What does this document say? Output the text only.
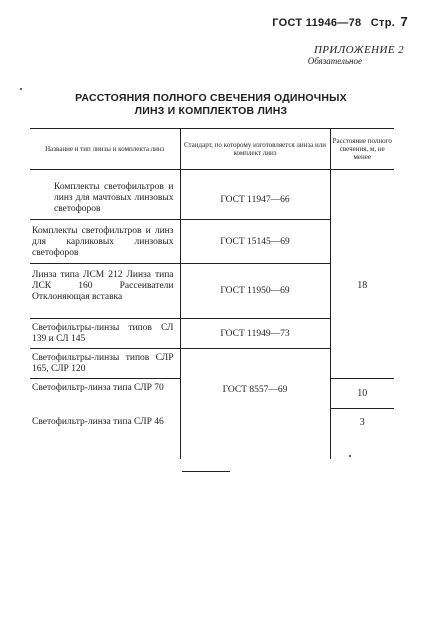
ГОСТ 11946—78 Стр. 7
ПРИЛОЖЕНИЕ 2
Обязательное
РАССТОЯНИЯ ПОЛНОГО СВЕЧЕНИЯ ОДИНОЧНЫХ
ЛИНЗ И КОМПЛЕКТОВ ЛИНЗ
Название и тип линзы и комплекта линз	Стандарт, по которому изготовляется линза или комплект линз	Расстояние полного свечения, м, не менее

Комплекты светофильтров и линз для мачтовых линзовых светофоров	ГОСТ 11947—66	18
Комплекты светофильтров и линз для карликовых линзовых светофоров	ГОСТ 15145—69	
Линза типа ЛСМ 212 Линза типа ЛСК 160 Рассеиватели Отклоняющая вставка	ГОСТ 11950—69	
Светофильтры-линзы типов СЛ 139 и СЛ 145	ГОСТ 11949—73	
Светофильтры-линзы типов СЛР 165, СЛР 120	ГОСТ 8557—69	
Светофильтр-линза типа СЛР 70		10
Светофильтр-линза типа СЛР 46		3
